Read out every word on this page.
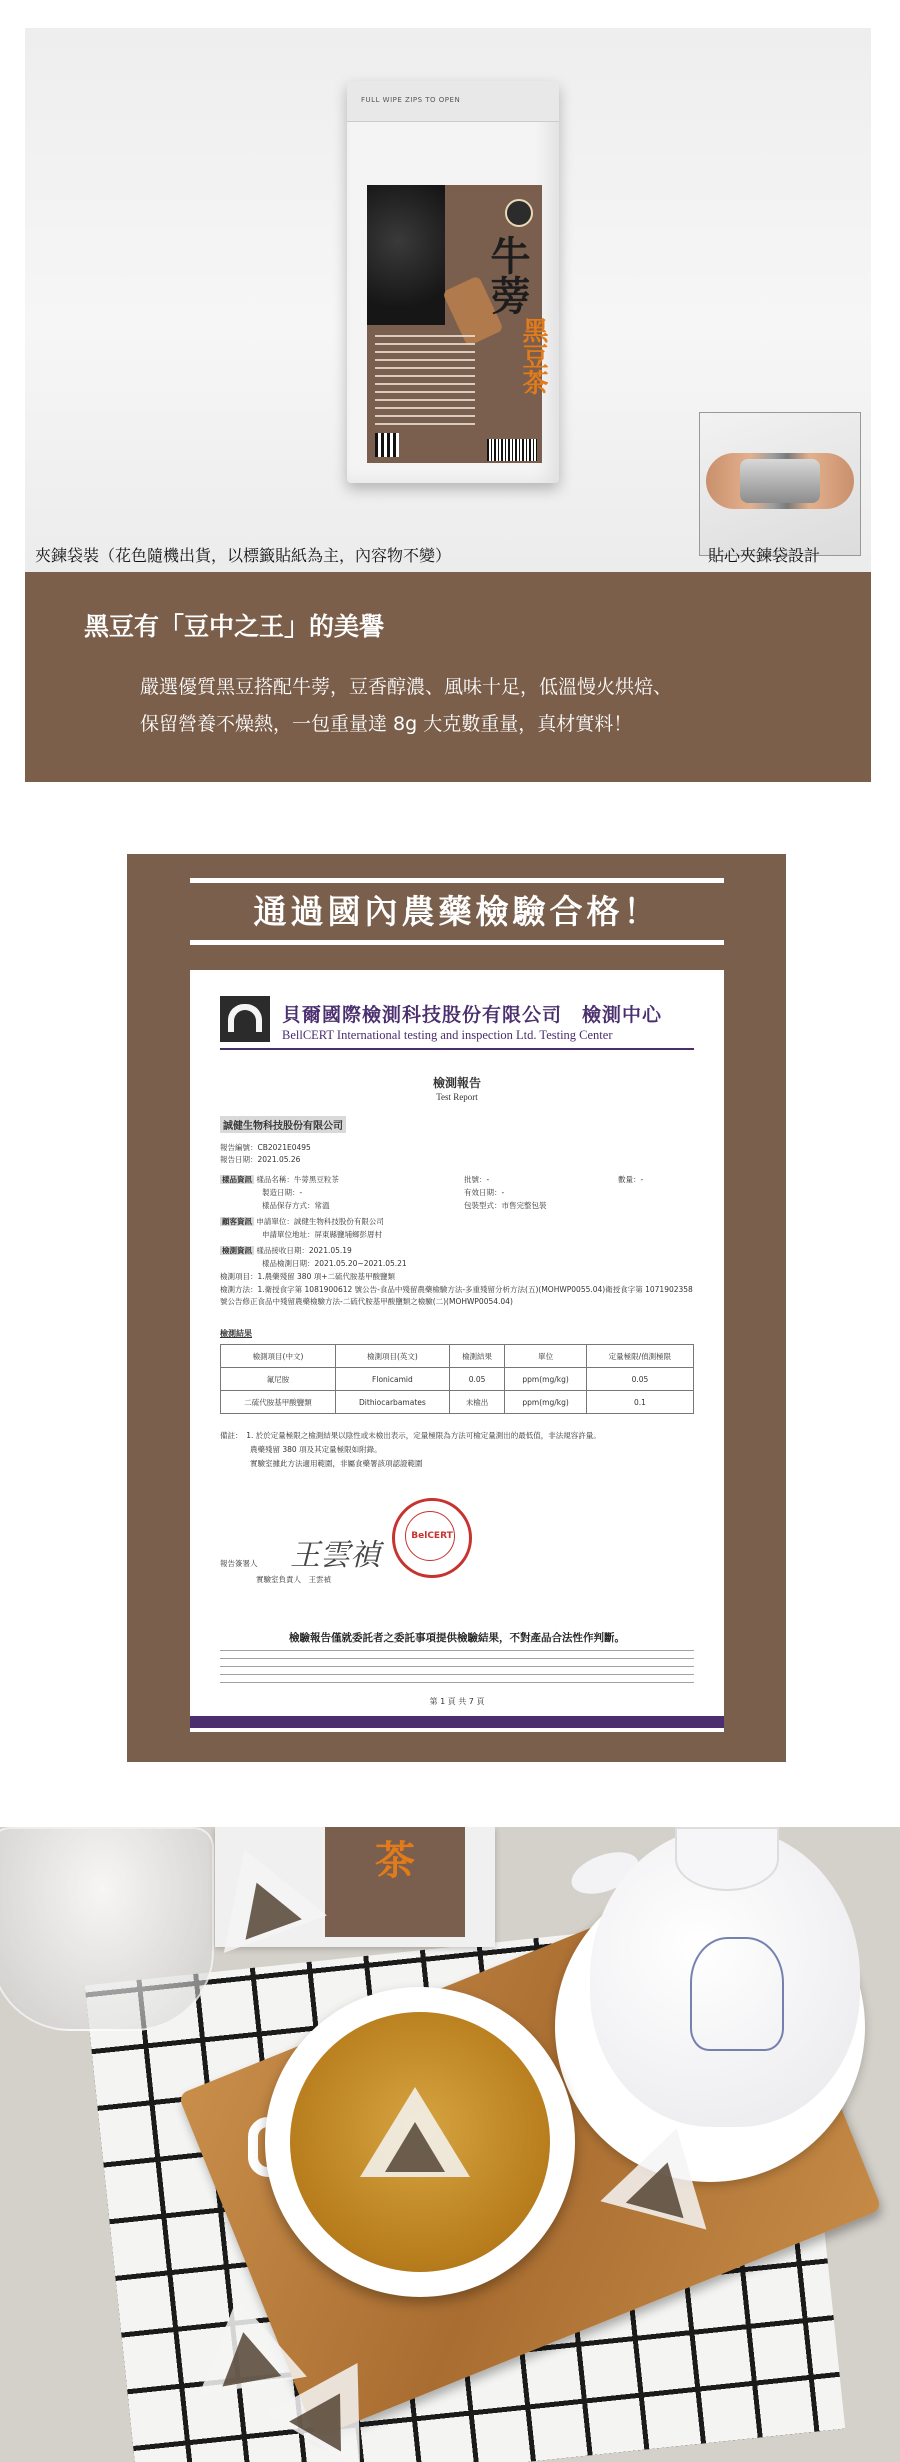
FULL WIPE ZIPS TO OPEN
牛蒡
黑豆茶
夾鍊袋裝（花色隨機出貨，以標籤貼紙為主，內容物不變）	貼心夾鍊袋設計
黑豆有「豆中之王」的美譽
嚴選優質黑豆搭配牛蒡，豆香醇濃、風味十足，低溫慢火烘焙、
保留營養不燥熱，一包重量達 8g 大克數重量，真材實料！
通過國內農藥檢驗合格！
貝爾國際檢測科技股份有限公司　檢測中心
BellCERT International testing and inspection Ltd. Testing Center
檢測報告
Test Report
誠健生物科技股份有限公司
報告編號：CB2021E0495
報告日期：2021.05.26
樣品資訊 樣品名稱：牛蒡黑豆粒茶	批號：-	數量：-
製造日期：-	有效日期：-
樣品保存方式：常溫	包裝型式：市售完整包裝
顧客資訊 申請單位：誠健生物科技股份有限公司
申請單位地址：屏東縣鹽埔鄉彭厝村
檢測資訊 樣品接收日期：2021.05.19
樣品檢測日期：2021.05.20~2021.05.21
檢測項目：1.農藥殘留 380 項+二硫代胺基甲酸鹽類
檢測方法：1.衛授食字第 1081900612 號公告-食品中殘留農藥檢驗方法-多重殘留分析方法(五)(MOHWP0055.04)衛授食字第 1071902358 號公告修正食品中殘留農藥檢驗方法-二硫代胺基甲酸鹽類之檢驗(二)(MOHWP0054.04)
檢測結果
檢測項目(中文)	檢測項目(英文)	檢測結果	單位	定量極限/偵測極限
氟尼胺	Flonicamid	0.05	ppm(mg/kg)	0.05
二硫代胺基甲酸鹽類	Dithiocarbamates	未檢出	ppm(mg/kg)	0.1
備註：　1. 於於定量極限之檢測結果以陰性或未檢出表示，定量極限為方法可檢定量測出的最低值，非法規容許量。
　　　　農藥殘留 380 項及其定量極限如附錄。
　　　　實驗室據此方法適用範圍，非屬食藥署該項認證範圍
報告簽署人 王雲禎
實驗室負責人　王雲禎
BelCERT
檢驗報告僅就委託者之委託事項提供檢驗結果，不對產品合法性作判斷。
第 1 頁 共 7 頁
茶
